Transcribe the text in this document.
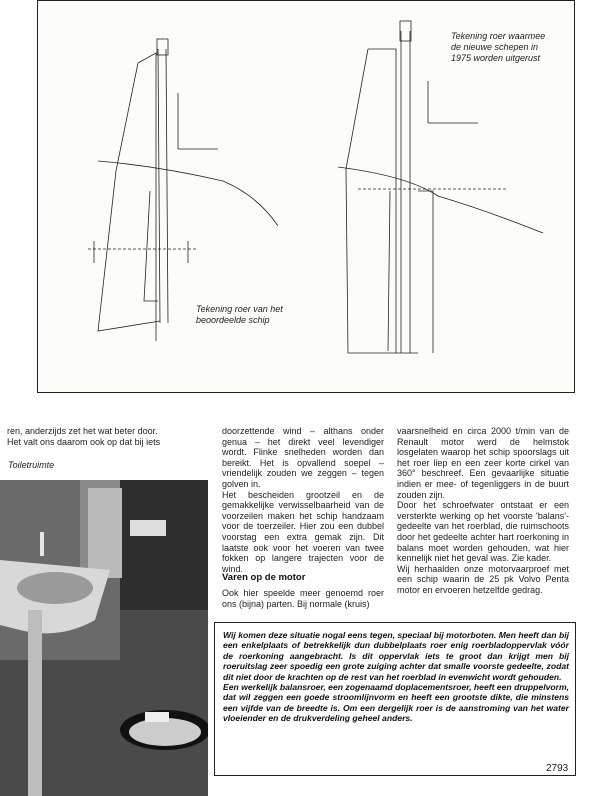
Tekening roer waarmee
de nieuwe schepen in
1975 worden uitgerust
Tekening roer van het
beoordeelde schip
ren, anderzijds zet het wat beter door.
Het valt ons daarom ook op dat bij iets
Toiletruimte
doorzettende wind – althans onder genua – het direkt veel levendiger wordt. Flinke snelheden worden dan bereikt. Het is opvallend soepel – vriendelijk zouden we zeggen – tegen golven in.
Het bescheiden grootzeil en de gemakkelijke verwisselbaarheid van de voorzeilen maken het schip handzaam voor de toerzeiler. Hier zou een dubbel voorstag een extra gemak zijn. Dit laatste ook voor het voeren van twee fokken op langere trajecten voor de wind.
Varen op de motor
Ook hier speelde meer genoemd roer ons (bijna) parten. Bij normale (kruis)
vaarsnelheid en circa 2000 t/min van de Renault motor werd de helmstok losgelaten waarop het schip spoorslags uit het roer liep en een zeer korte cirkel van 360° beschreef. Een gevaarlijke situatie indien er mee- of tegenliggers in de buurt zouden zijn.
Door het schroefwater ontstaat er een versterkte werking op het voorste 'balans'-gedeelte van het roerblad, die ruimschoots door het gedeelte achter hart roerkoning in balans moet worden gehouden, wat hier kennelijk niet het geval was. Zie kader.
Wij herhaalden onze motorvaarproef met een schip waarin de 25 pk Volvo Penta motor en ervoeren hetzelfde gedrag.
Wij komen deze situatie nogal eens tegen, speciaal bij motorboten. Men heeft dan bij een enkelplaats of betrekkelijk dun dubbelplaats roer enig roerbladoppervlak vóór de roerkoning aangebracht. Is dit oppervlak iets te groot dan krijgt men bij roeruitslag zeer spoedig een grote zuiging achter dat smalle voorste gedeelte, zodat dit niet door de krachten op de rest van het roerblad in evenwicht wordt gehouden.
Een werkelijk balansroer, een zogenaamd doplacementsroer, heeft een druppelvorm, dat wil zeggen een goede stroomlijnvorm en heeft een grootste dikte, die minstens een vijfde van de breedte is. Om een dergelijk roer is de aanstroming van het water vloeiender en de drukverdeling geheel anders.
2793
